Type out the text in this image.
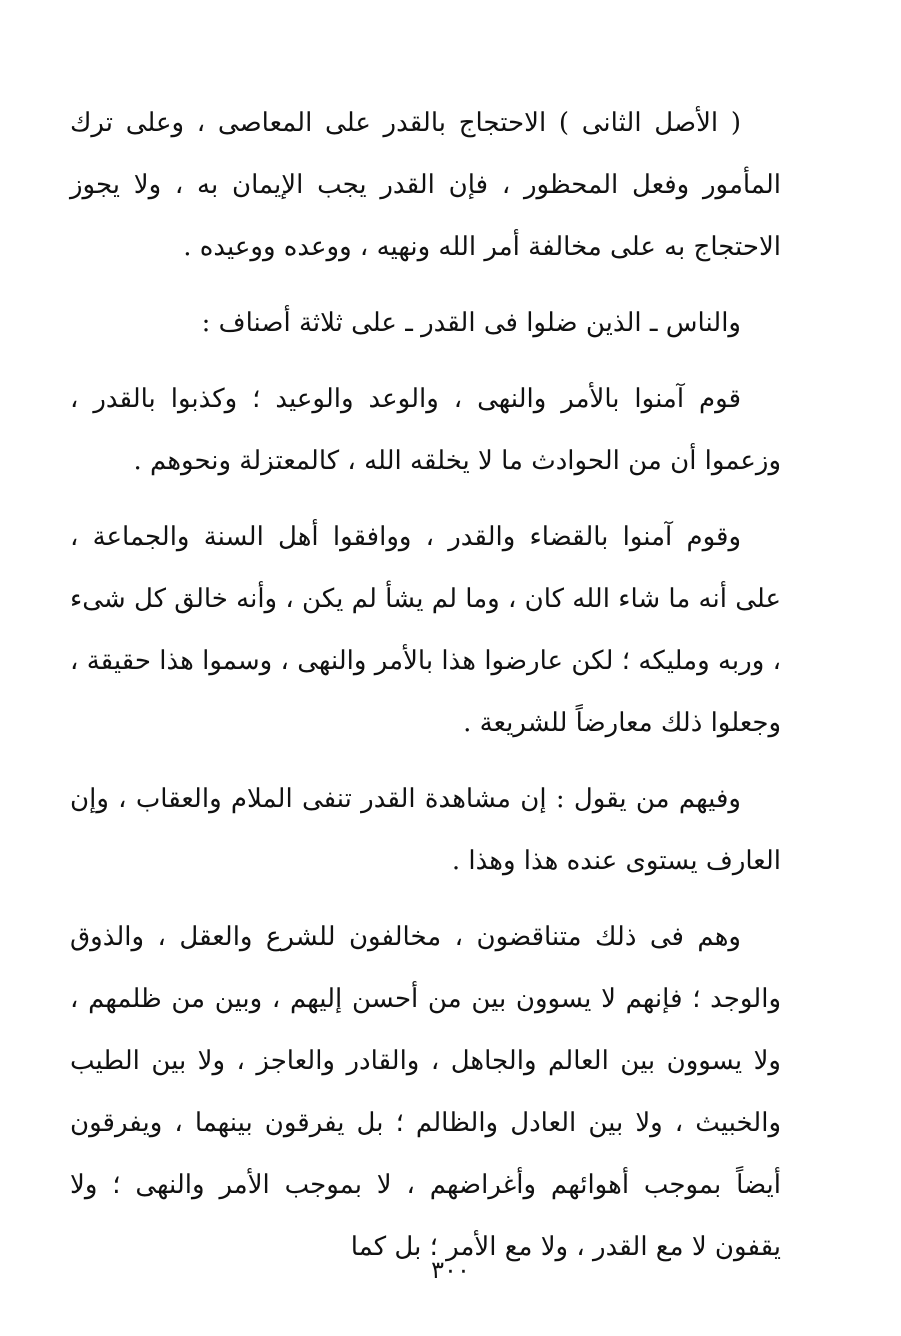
( الأصل الثانى ) الاحتجاج بالقدر على المعاصى ، وعلى ترك المأمور وفعل المحظور ، فإن القدر يجب الإيمان به ، ولا يجوز الاحتجاج به على مخالفة أمر الله ونهيه ، ووعده ووعيده .

والناس ـ الذين ضلوا فى القدر ـ على ثلاثة أصناف :

قوم آمنوا بالأمر والنهى ، والوعد والوعيد ؛ وكذبوا بالقدر ، وزعموا أن من الحوادث ما لا يخلقه الله ، كالمعتزلة ونحوهم .

وقوم آمنوا بالقضاء والقدر ، ووافقوا أهل السنة والجماعة ، على أنه ما شاء الله كان ، وما لم يشأ لم يكن ، وأنه خالق كل شىء ، وربه ومليكه ؛ لكن عارضوا هذا بالأمر والنهى ، وسموا هذا حقيقة ، وجعلوا ذلك معارضاً للشريعة .

وفيهم من يقول : إن مشاهدة القدر تنفى الملام والعقاب ، وإن العارف يستوى عنده هذا وهذا .

وهم فى ذلك متناقضون ، مخالفون للشرع والعقل ، والذوق والوجد ؛ فإنهم لا يسوون بين من أحسن إليهم ، وبين من ظلمهم ، ولا يسوون بين العالم والجاهل ، والقادر والعاجز ، ولا بين الطيب والخبيث ، ولا بين العادل والظالم ؛ بل يفرقون بينهما ، ويفرقون أيضاً بموجب أهوائهم وأغراضهم ، لا بموجب الأمر والنهى ؛ ولا يقفون لا مع القدر ، ولا مع الأمر ؛ بل كما

٣٠٠
